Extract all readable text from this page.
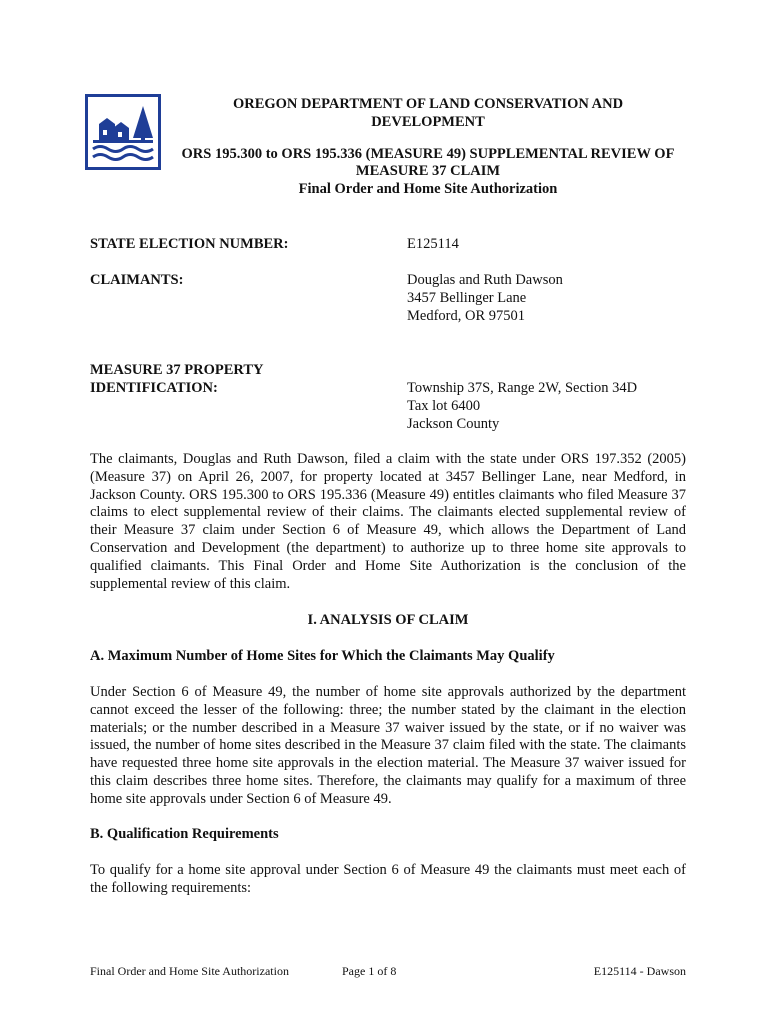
OREGON DEPARTMENT OF LAND CONSERVATION AND DEVELOPMENT
ORS 195.300 to ORS 195.336 (MEASURE 49) SUPPLEMENTAL REVIEW OF MEASURE 37 CLAIM
Final Order and Home Site Authorization
STATE ELECTION NUMBER:	E125114
CLAIMANTS:	Douglas and Ruth Dawson
3457 Bellinger Lane
Medford, OR 97501
MEASURE 37 PROPERTY
IDENTIFICATION:	Township 37S, Range 2W, Section 34D
Tax lot 6400
Jackson County
The claimants, Douglas and Ruth Dawson, filed a claim with the state under ORS 197.352 (2005) (Measure 37) on April 26, 2007, for property located at 3457 Bellinger Lane, near Medford, in Jackson County. ORS 195.300 to ORS 195.336 (Measure 49) entitles claimants who filed Measure 37 claims to elect supplemental review of their claims. The claimants elected supplemental review of their Measure 37 claim under Section 6 of Measure 49, which allows the Department of Land Conservation and Development (the department) to authorize up to three home site approvals to qualified claimants. This Final Order and Home Site Authorization is the conclusion of the supplemental review of this claim.
I. ANALYSIS OF CLAIM
A. Maximum Number of Home Sites for Which the Claimants May Qualify
Under Section 6 of Measure 49, the number of home site approvals authorized by the department cannot exceed the lesser of the following: three; the number stated by the claimant in the election materials; or the number described in a Measure 37 waiver issued by the state, or if no waiver was issued, the number of home sites described in the Measure 37 claim filed with the state. The claimants have requested three home site approvals in the election material. The Measure 37 waiver issued for this claim describes three home sites. Therefore, the claimants may qualify for a maximum of three home site approvals under Section 6 of Measure 49.
B. Qualification Requirements
To qualify for a home site approval under Section 6 of Measure 49 the claimants must meet each of the following requirements:
Final Order and Home Site Authorization	Page 1 of 8	E125114 - Dawson
